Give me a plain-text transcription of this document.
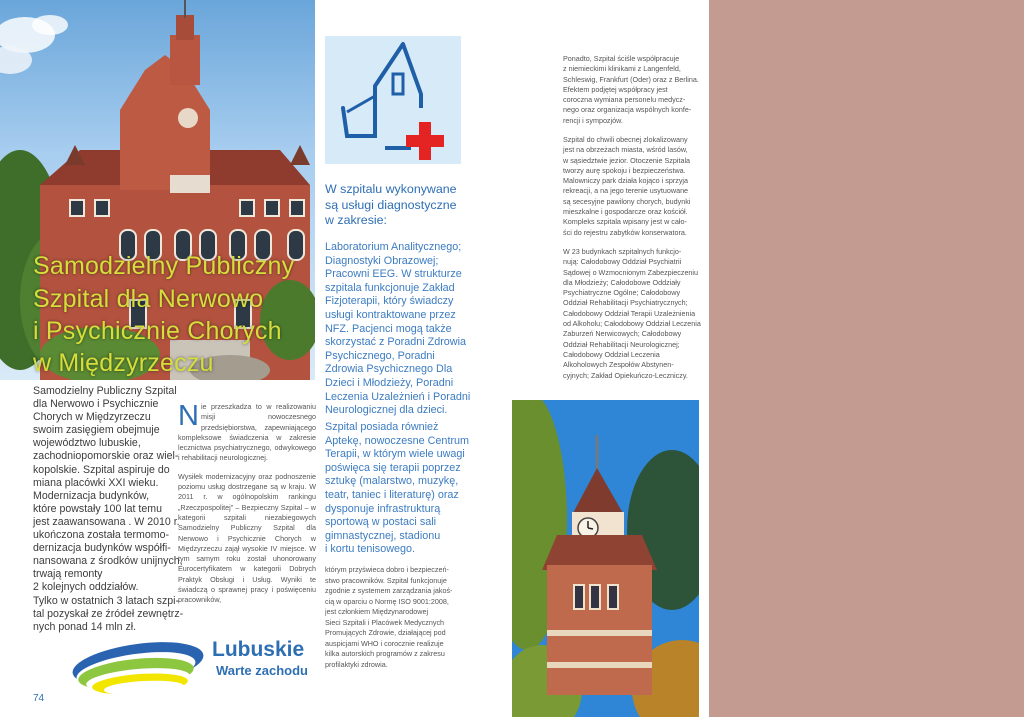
Samodzielny Publiczny
Szpital dla Nerwowo
i Psychicznie Chorych
w Międzyrzeczu
Samodzielny Publiczny Szpital
dla Nerwowo i Psychicznie
Chorych w Międzyrzeczu
swoim zasięgiem obejmuje
województwo lubuskie,
zachodniopomorskie oraz wiel-
kopolskie. Szpital aspiruje do
miana placówki XXI wieku.
Modernizacja budynków,
które powstały 100 lat temu
jest zaawansowana . W 2010 r.
ukończona została termomo-
dernizacja budynków współfi-
nansowana z środków unijnych,
trwają remonty
2 kolejnych oddziałów.
Tylko w ostatnich 3 latach szpi-
tal pozyskał ze źródeł zewnętrz-
nych ponad 14 mln zł.

Nie przeszkadza to w realizowaniu misji nowoczesnego przedsiębiorstwa, zapewniającego kompleksowe świadczenia w zakresie lecznictwa psychiatrycznego, odwykowego i rehabilitacji neurologicznej.

Wysiłek modernizacyjny oraz podnoszenie poziomu usług dostrzegane są w kraju. W 2011 r. w ogólnopolskim rankingu „Rzeczpospolitej” – Bezpieczny Szpital – w kategorii szpitali niezabiegowych Samodzielny Publiczny Szpital dla Nerwowo i Psychicznie Chorych w Międzyrzeczu zajął wysokie IV miejsce. W tym samym roku został uhonorowany Eurocertyfikatem w kategorii Dobrych Praktyk Obsługi i Usług. Wyniki te świadczą o sprawnej pracy i poświęceniu pracowników,

Lubuskie
Warte zachodu
74
W szpitalu wykonywane
są usługi diagnostyczne
w zakresie:
Laboratorium Analitycznego;
Diagnostyki Obrazowej;
Pracowni EEG. W strukturze
szpitala funkcjonuje Zakład
Fizjoterapii, który świadczy
usługi kontraktowane przez
NFZ. Pacjenci mogą także
skorzystać z Poradni Zdrowia
Psychicznego, Poradni
Zdrowia Psychicznego Dla
Dzieci i Młodzieży, Poradni
Leczenia Uzależnień i Poradni
Neurologicznej dla dzieci.
Szpital posiada również
Aptekę, nowoczesne Centrum
Terapii, w którym wiele uwagi
poświęca się terapii poprzez
sztukę (malarstwo, muzykę,
teatr, taniec i literaturę) oraz
dysponuje infrastrukturą
sportową w postaci sali
gimnastycznej, stadionu
i kortu tenisowego.
którym przyświeca dobro i bezpieczeń-
stwo pracowników. Szpital funkcjonuje
zgodnie z systemem zarządzania jakoś-
cią w oparciu o Normę ISO 9001:2008,
jest członkiem Międzynarodowej
Sieci Szpitali i Placówek Medycznych
Promujących Zdrowie, działającej pod
auspicjami WHO i corocznie realizuje
kilka autorskich programów z zakresu
profilaktyki zdrowia.
Ponadto, Szpital ściśle współpracuje
z niemieckimi klinikami z Langenfeld,
Schleswig, Frankfurt (Oder) oraz z Berlina.
Efektem podjętej współpracy jest
coroczna wymiana personelu medycz-
nego oraz organizacja wspólnych konfe-
rencji i sympozjów.
Szpital do chwili obecnej zlokalizowany
jest na obrzeżach miasta, wśród lasów,
w sąsiedztwie jezior. Otoczenie Szpitala
tworzy aurę spokoju i bezpieczeństwa.
Malowniczy park działa kojąco i sprzyja
rekreacji, a na jego terenie usytuowane
są secesyjne pawilony chorych, budynki
mieszkalne i gospodarcze oraz kościół.
Kompleks szpitala wpisany jest w cało-
ści do rejestru zabytków konserwatora.
W 23 budynkach szpitalnych funkcjo-
nują: Całodobowy Oddział Psychiatrii
Sądowej o Wzmocnionym Zabezpieczeniu
dla Młodzieży; Całodobowe Oddziały
Psychiatryczne Ogólne; Całodobowy
Oddział Rehabilitacji Psychiatrycznych;
Całodobowy Oddział Terapii Uzależnienia
od Alkoholu; Całodobowy Oddział Leczenia
Zaburzeń Nerwicowych; Całodobowy
Oddział Rehabilitacji Neurologicznej;
Całodobowy Oddział Leczenia
Alkoholowych Zespołów Abstynen-
cyjnych; Zakład Opiekuńczo-Leczniczy.
